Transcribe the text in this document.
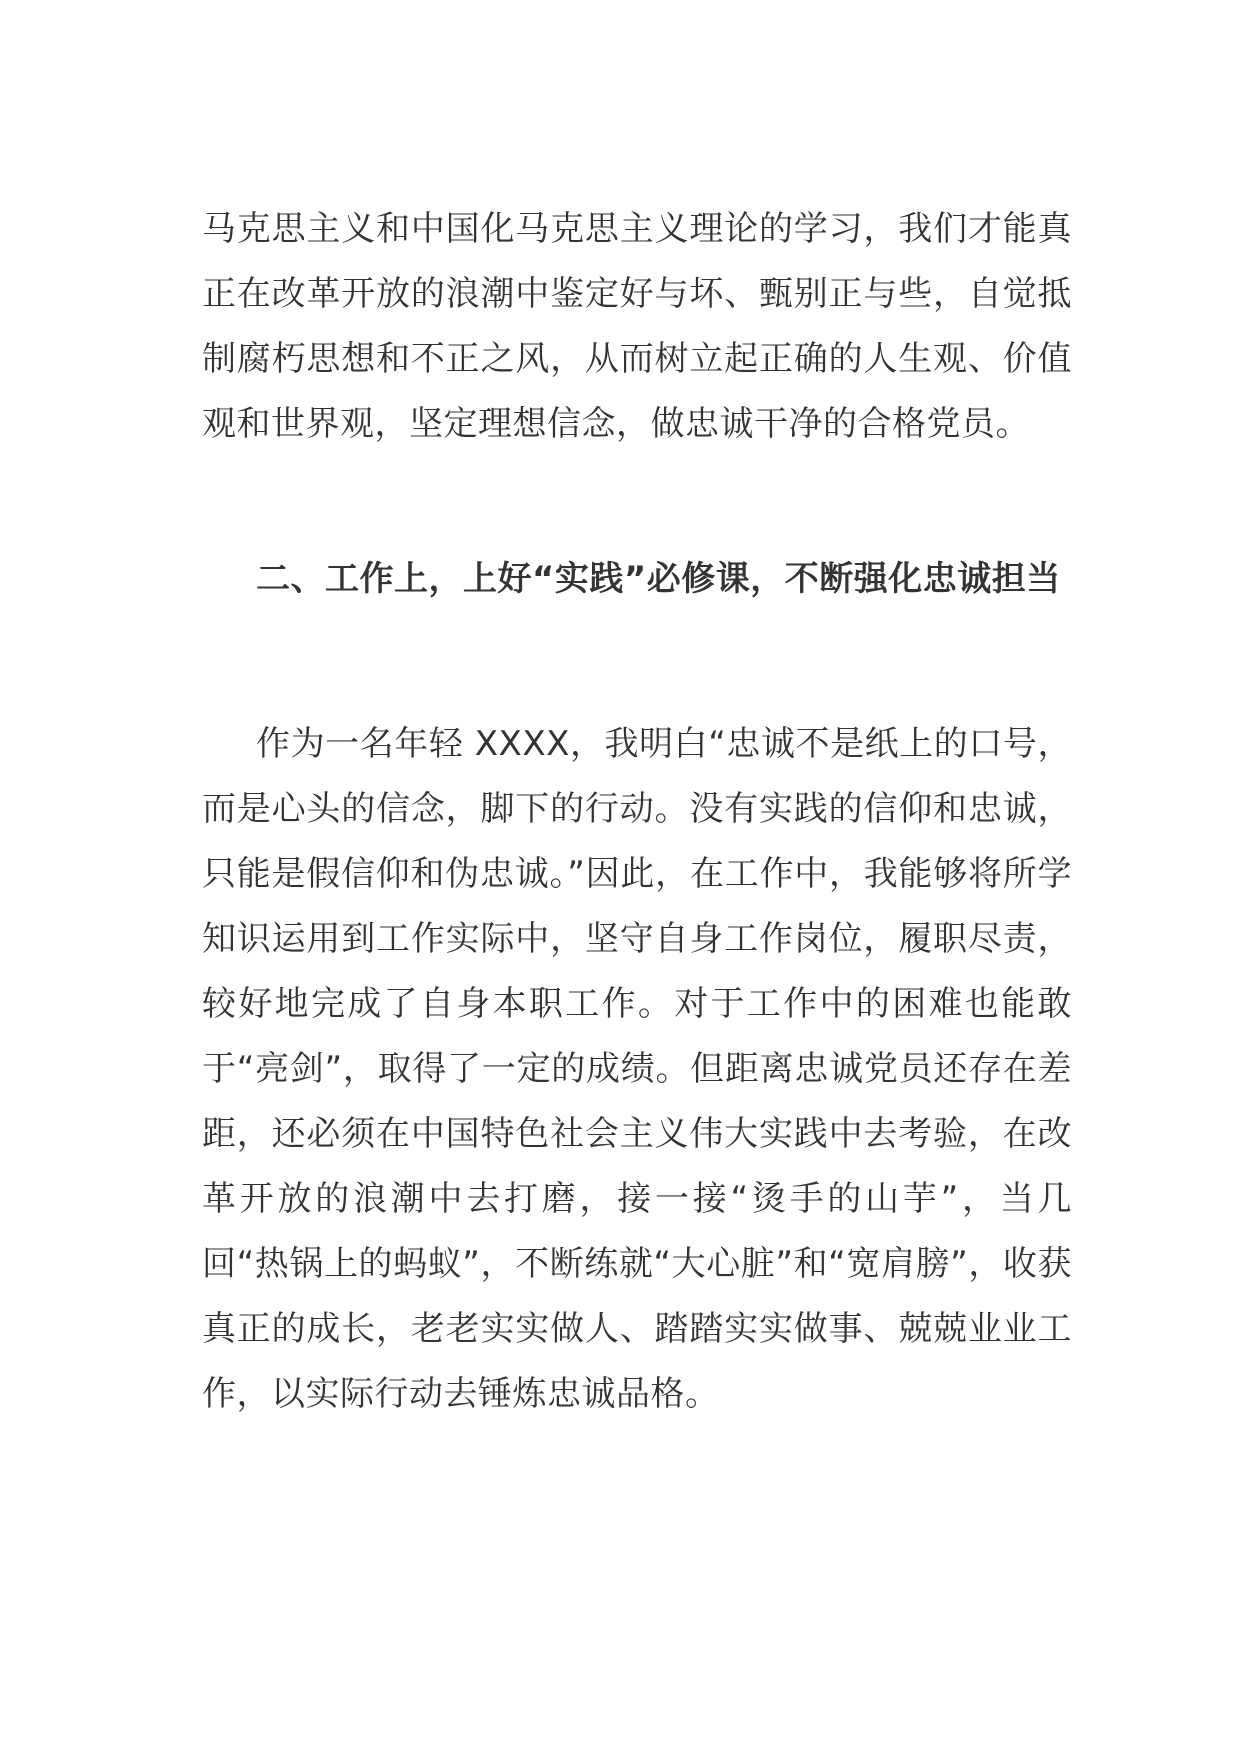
马克思主义和中国化马克思主义理论的学习，我们才能真正在改革开放的浪潮中鉴定好与坏、甄别正与些，自觉抵制腐朽思想和不正之风，从而树立起正确的人生观、价值观和世界观，坚定理想信念，做忠诚干净的合格党员。

二、工作上，上好“实践”必修课，不断强化忠诚担当

作为一名年轻 XXXX，我明白“忠诚不是纸上的口号，而是心头的信念，脚下的行动。没有实践的信仰和忠诚，只能是假信仰和伪忠诚。”因此，在工作中，我能够将所学知识运用到工作实际中，坚守自身工作岗位，履职尽责，较好地完成了自身本职工作。对于工作中的困难也能敢于“亮剑”，取得了一定的成绩。但距离忠诚党员还存在差距，还必须在中国特色社会主义伟大实践中去考验，在改革开放的浪潮中去打磨，接一接“烫手的山芋”，当几回“热锅上的蚂蚁”，不断练就“大心脏”和“宽肩膀”，收获真正的成长，老老实实做人、踏踏实实做事、兢兢业业工作，以实际行动去锤炼忠诚品格。
